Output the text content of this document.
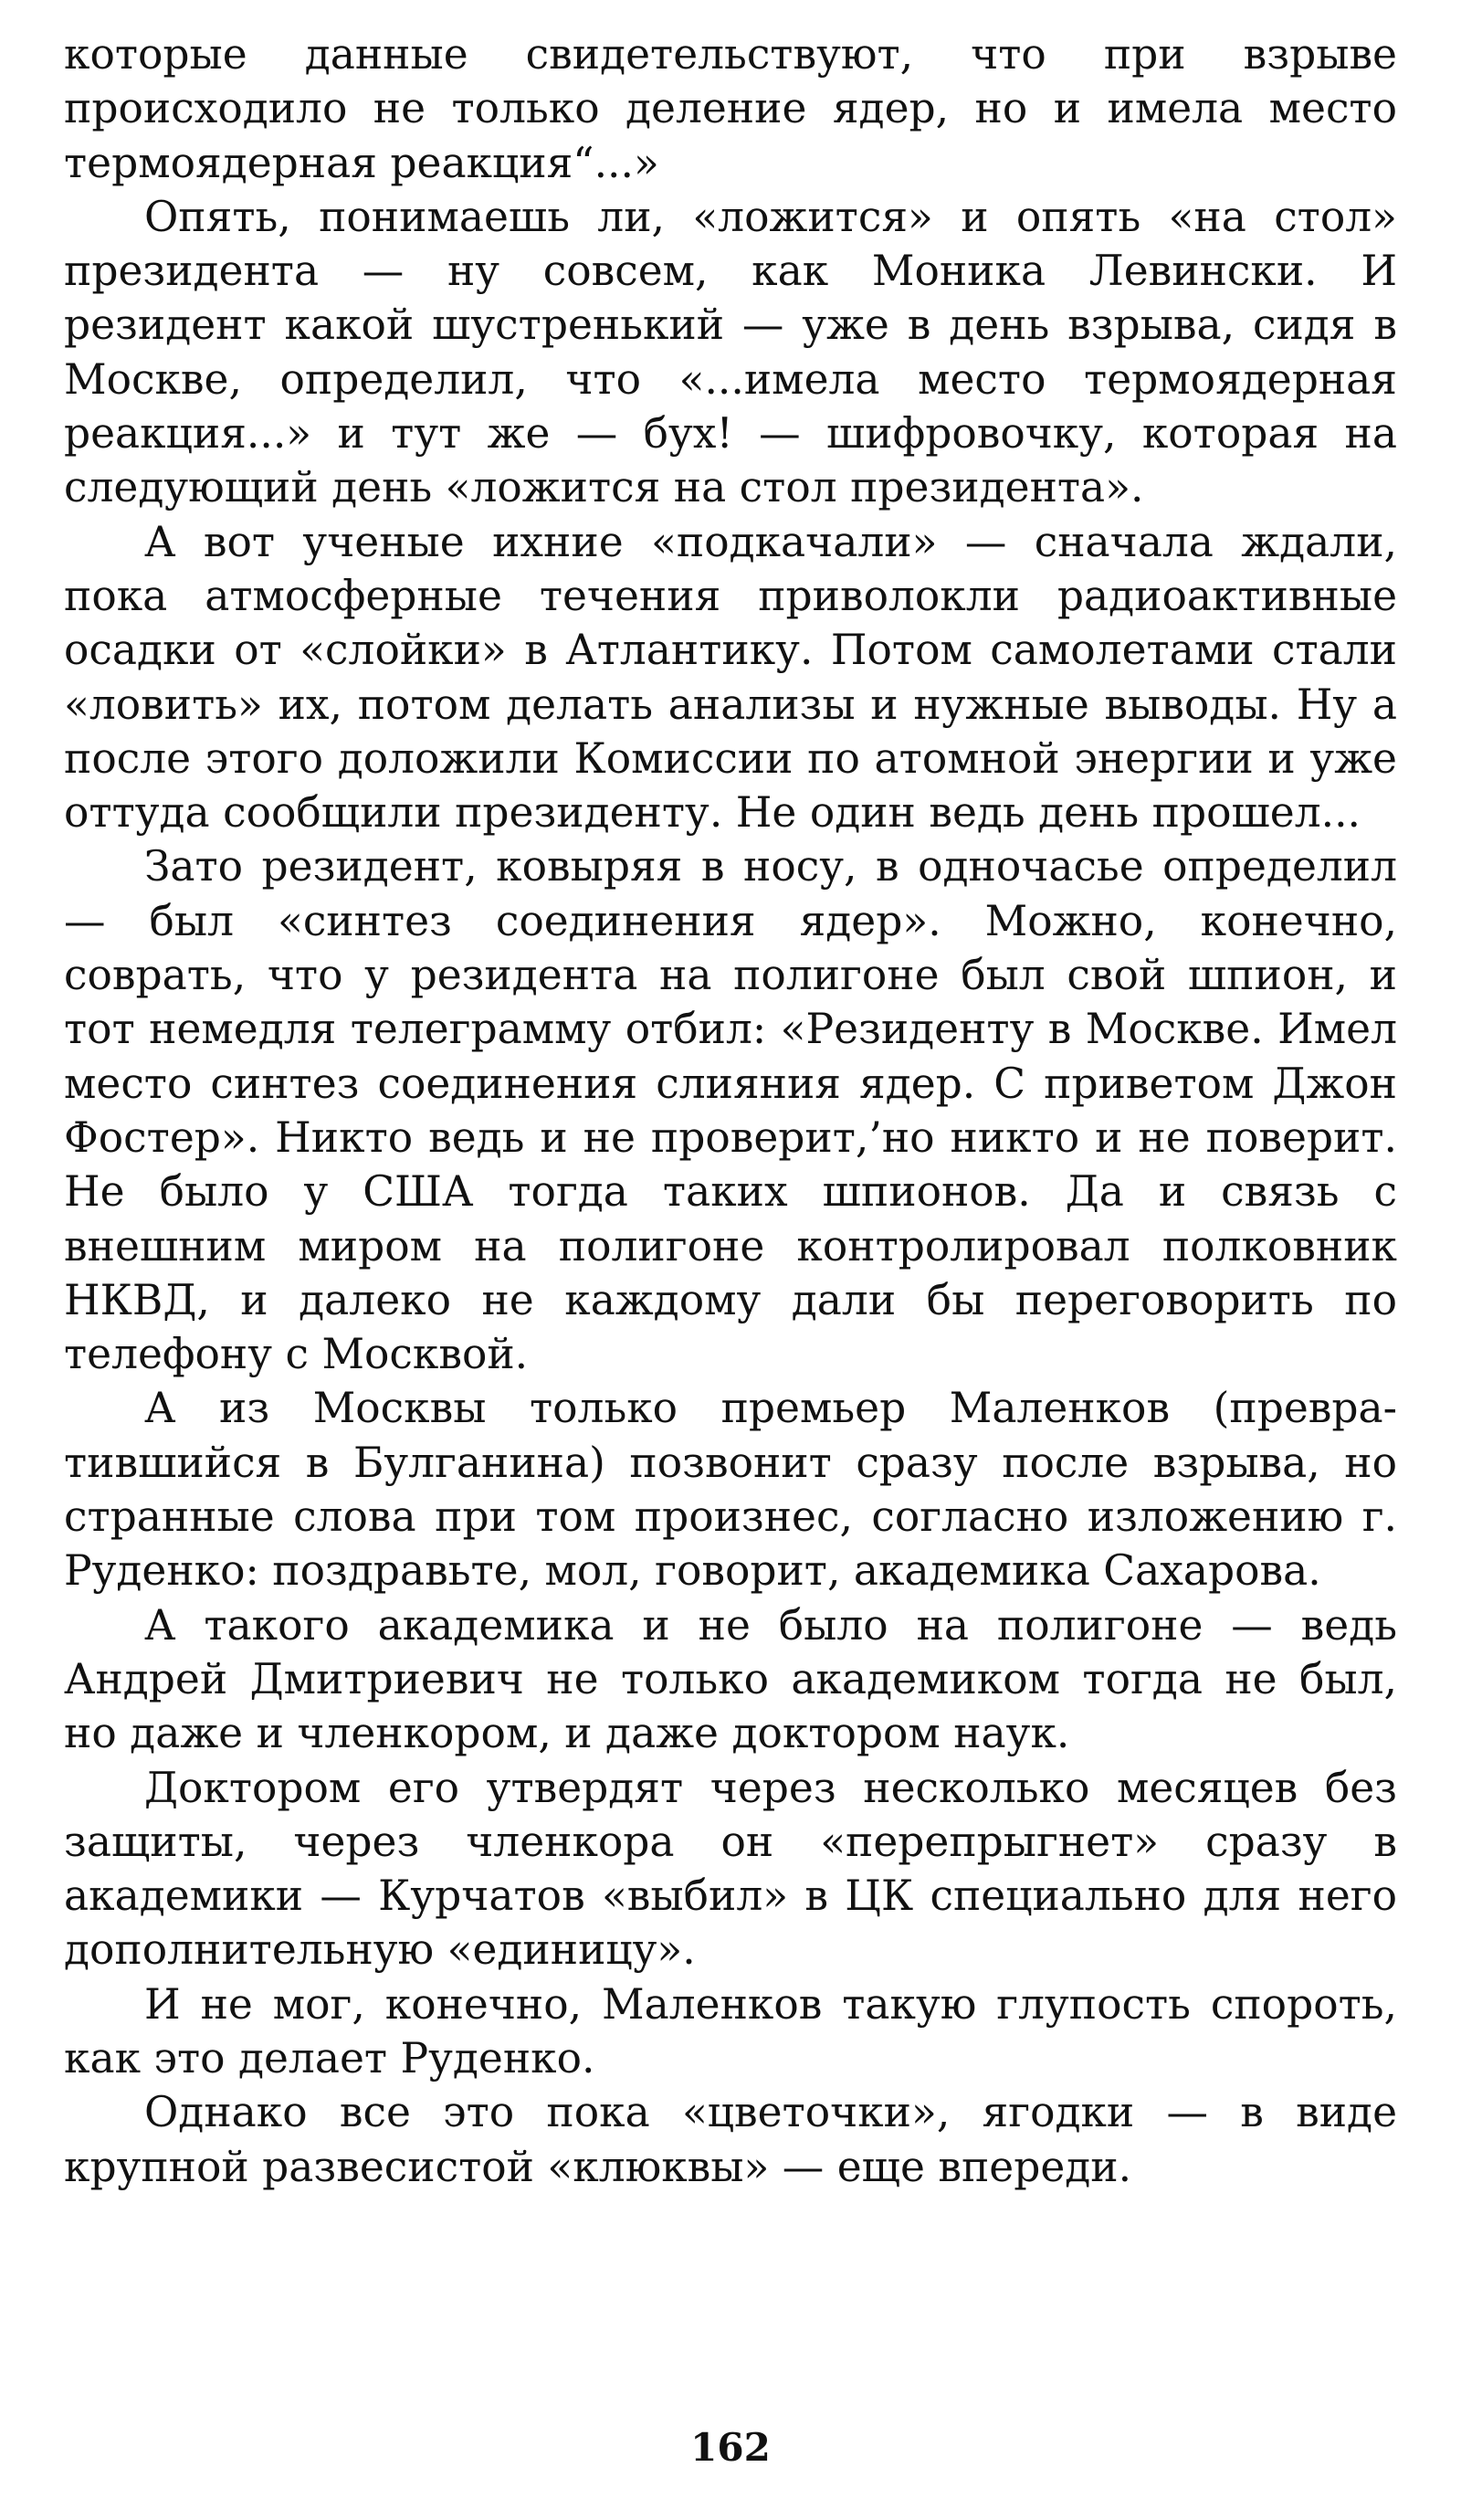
которые данные свидетельствуют, что при взрыве происходило не только деление ядер, но и имела место термоядерная реакция“...»

Опять, понимаешь ли, «ложится» и опять «на стол» президента — ну совсем, как Моника Левински. И резидент какой шустренький — уже в день взрыва, сидя в Москве, определил, что «...имела место термоядерная реакция...» и тут же — бух! — шифровочку, которая на следующий день «ложится на стол президента».

А вот ученые ихние «подкачали» — сначала ждали, пока атмосферные течения приволокли радиоактивные осадки от «слойки» в Атлантику. Потом самолетами стали «ловить» их, потом делать анализы и нужные выводы. Ну а после этого доложили Комиссии по атомной энергии и уже оттуда сообщили президенту. Не один ведь день прошел...

Зато резидент, ковыряя в носу, в одночасье определил — был «синтез соединения ядер». Можно, конечно, соврать, что у резидента на полигоне был свой шпион, и тот немедля телеграмму отбил: «Резиденту в Москве. Имел место синтез соединения слияния ядер. С приветом Джон Фостер». Никто ведь и не проверит,’но никто и не поверит. Не было у США тогда таких шпионов. Да и связь с внешним миром на полигоне контролировал полковник НКВД, и далеко не каждому дали бы переговорить по телефону с Москвой.

А из Москвы только премьер Маленков (превратившийся в Булганина) позвонит сразу после взрыва, но странные слова при том произнес, согласно изложению г. Руденко: поздравьте, мол, говорит, академика Сахарова.

А такого академика и не было на полигоне — ведь Андрей Дмитриевич не только академиком тогда не был, но даже и членкором, и даже доктором наук.

Доктором его утвердят через несколько месяцев без защиты, через членкора он «перепрыгнет» сразу в академики — Курчатов «выбил» в ЦК специально для него дополнительную «единицу».

И не мог, конечно, Маленков такую глупость спороть, как это делает Руденко.

Однако все это пока «цветочки», ягодки — в виде крупной развесистой «клюквы» — еще впереди.

162
